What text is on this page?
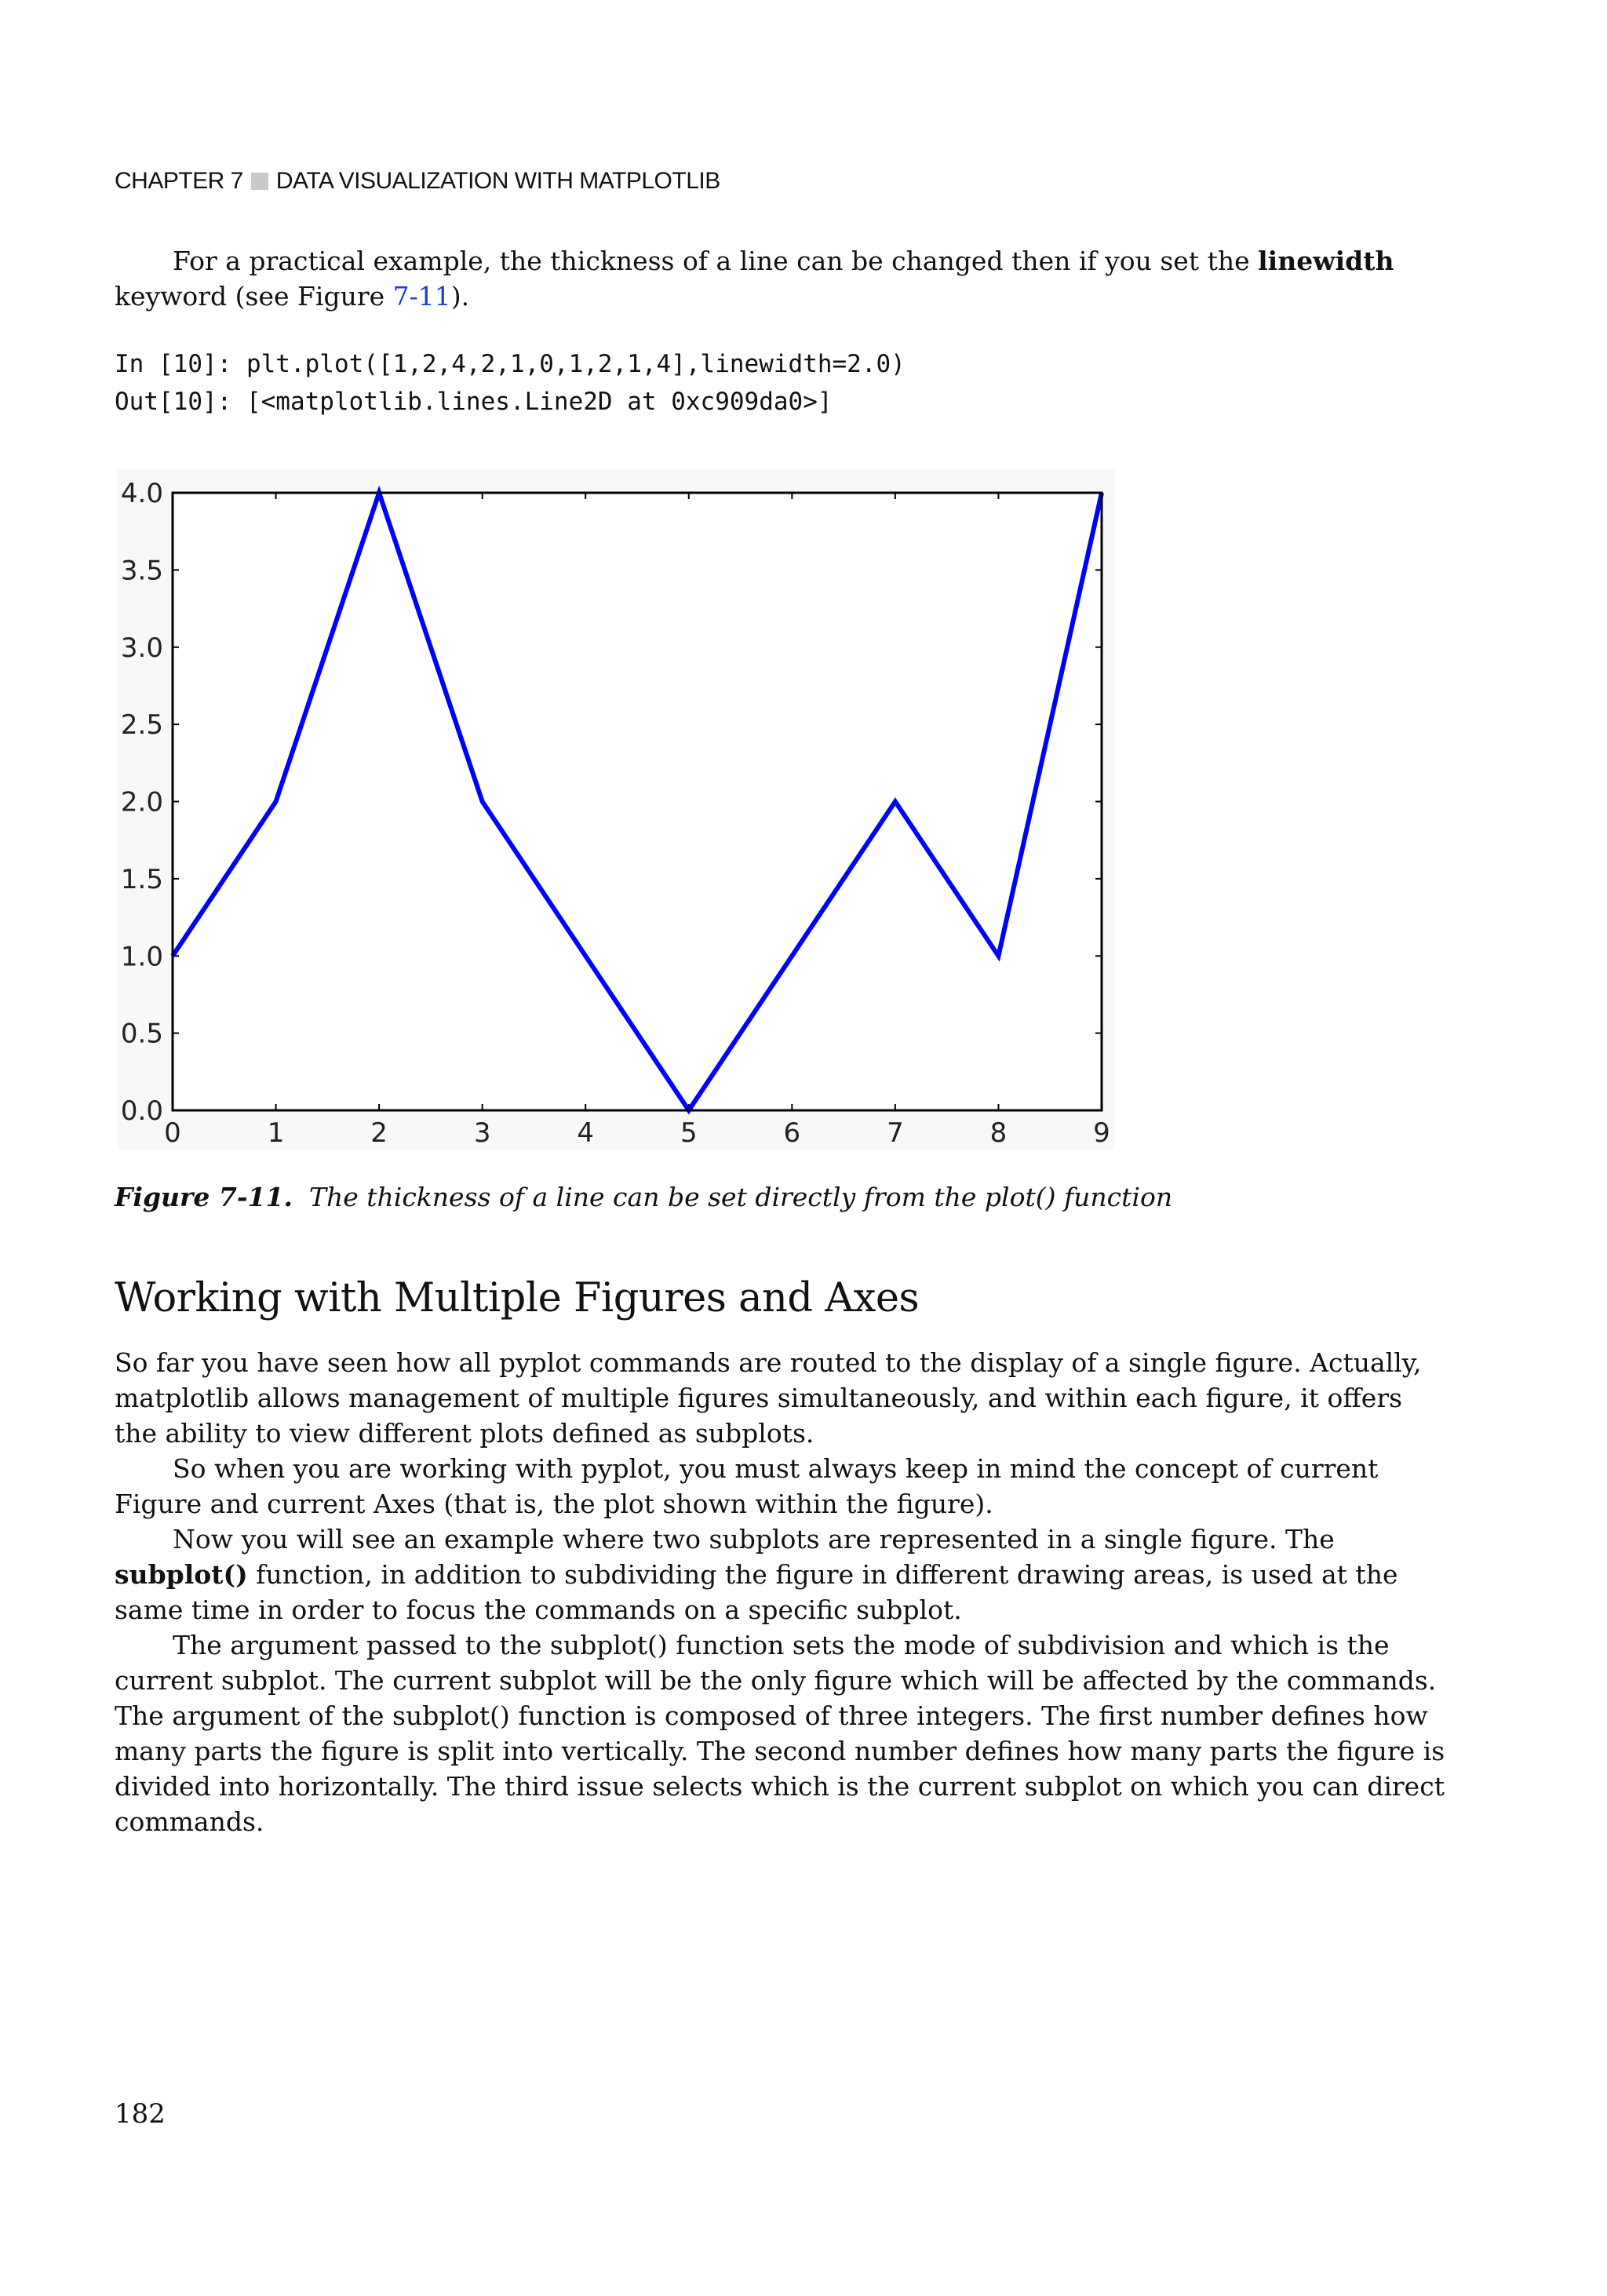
CHAPTER 7 DATA VISUALIZATION WITH MATPLOTLIB

For a practical example, the thickness of a line can be changed then if you set the linewidth keyword (see Figure 7-11).

In [10]: plt.plot([1,2,4,2,1,0,1,2,1,4],linewidth=2.0)
Out[10]: [<matplotlib.lines.Line2D at 0xc909da0>]
0.0
0.5
1.0
1.5
2.0
2.5
3.0
3.5
4.0
0	1	2	3	4	5	6	7	8	9

Figure 7-11. The thickness of a line can be set directly from the plot() function

Working with Multiple Figures and Axes

So far you have seen how all pyplot commands are routed to the display of a single figure. Actually, matplotlib allows management of multiple figures simultaneously, and within each figure, it offers the ability to view different plots defined as subplots.

So when you are working with pyplot, you must always keep in mind the concept of current Figure and current Axes (that is, the plot shown within the figure).

Now you will see an example where two subplots are represented in a single figure. The subplot() function, in addition to subdividing the figure in different drawing areas, is used at the same time in order to focus the commands on a specific subplot.

The argument passed to the subplot() function sets the mode of subdivision and which is the current subplot. The current subplot will be the only figure which will be affected by the commands. The argument of the subplot() function is composed of three integers. The first number defines how many parts the figure is split into vertically. The second number defines how many parts the figure is divided into horizontally. The third issue selects which is the current subplot on which you can direct commands.

182
